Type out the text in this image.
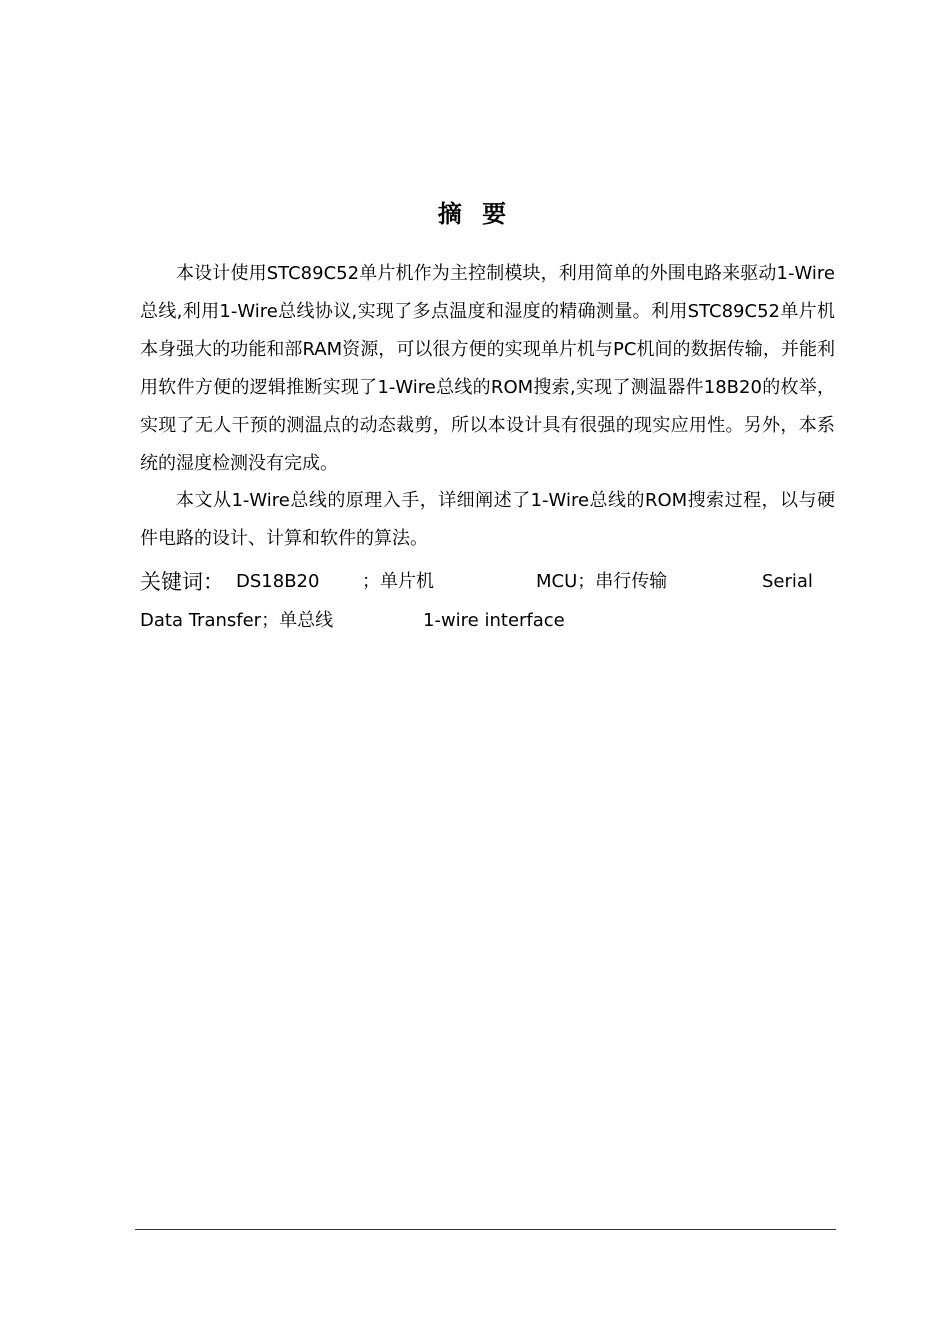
摘 要

本设计使用STC89C52单片机作为主控制模块，利用简单的外围电路来驱动1-Wire总线,利用1-Wire总线协议,实现了多点温度和湿度的精确测量。利用STC89C52单片机本身强大的功能和部RAM资源，可以很方便的实现单片机与PC机间的数据传输，并能利用软件方便的逻辑推断实现了1-Wire总线的ROM搜索,实现了测温器件18B20的枚举，实现了无人干预的测温点的动态裁剪，所以本设计具有很强的现实应用性。另外，本系统的湿度检测没有完成。

本文从1-Wire总线的原理入手，详细阐述了1-Wire总线的ROM搜索过程，以与硬件电路的设计、计算和软件的算法。

关键词： DS18B20 ；单片机	MCU；串行传输	Serial
Data Transfer；单总线	1-wire interface
